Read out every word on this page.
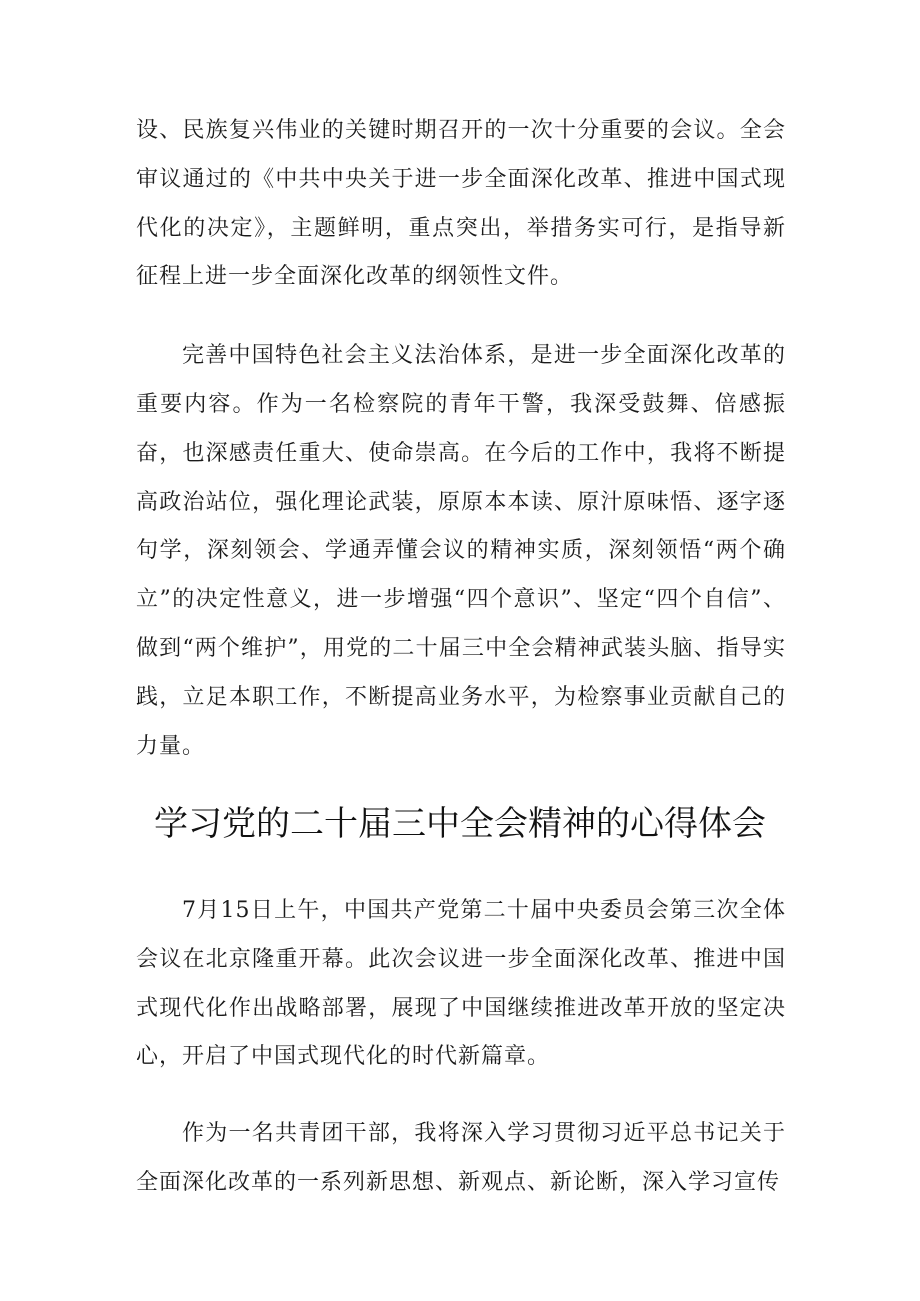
设、民族复兴伟业的关键时期召开的一次十分重要的会议。全会审议通过的《中共中央关于进一步全面深化改革、推进中国式现代化的决定》，主题鲜明，重点突出，举措务实可行，是指导新征程上进一步全面深化改革的纲领性文件。

完善中国特色社会主义法治体系，是进一步全面深化改革的重要内容。作为一名检察院的青年干警，我深受鼓舞、倍感振奋，也深感责任重大、使命崇高。在今后的工作中，我将不断提高政治站位，强化理论武装，原原本本读、原汁原味悟、逐字逐句学，深刻领会、学通弄懂会议的精神实质，深刻领悟“两个确立”的决定性意义，进一步增强“四个意识”、坚定“四个自信”、做到“两个维护”，用党的二十届三中全会精神武装头脑、指导实践，立足本职工作，不断提高业务水平，为检察事业贡献自己的力量。

学习党的二十届三中全会精神的心得体会

7月15日上午，中国共产党第二十届中央委员会第三次全体会议在北京隆重开幕。此次会议进一步全面深化改革、推进中国式现代化作出战略部署，展现了中国继续推进改革开放的坚定决心，开启了中国式现代化的时代新篇章。

作为一名共青团干部，我将深入学习贯彻习近平总书记关于全面深化改革的一系列新思想、新观点、新论断，深入学习宣传
